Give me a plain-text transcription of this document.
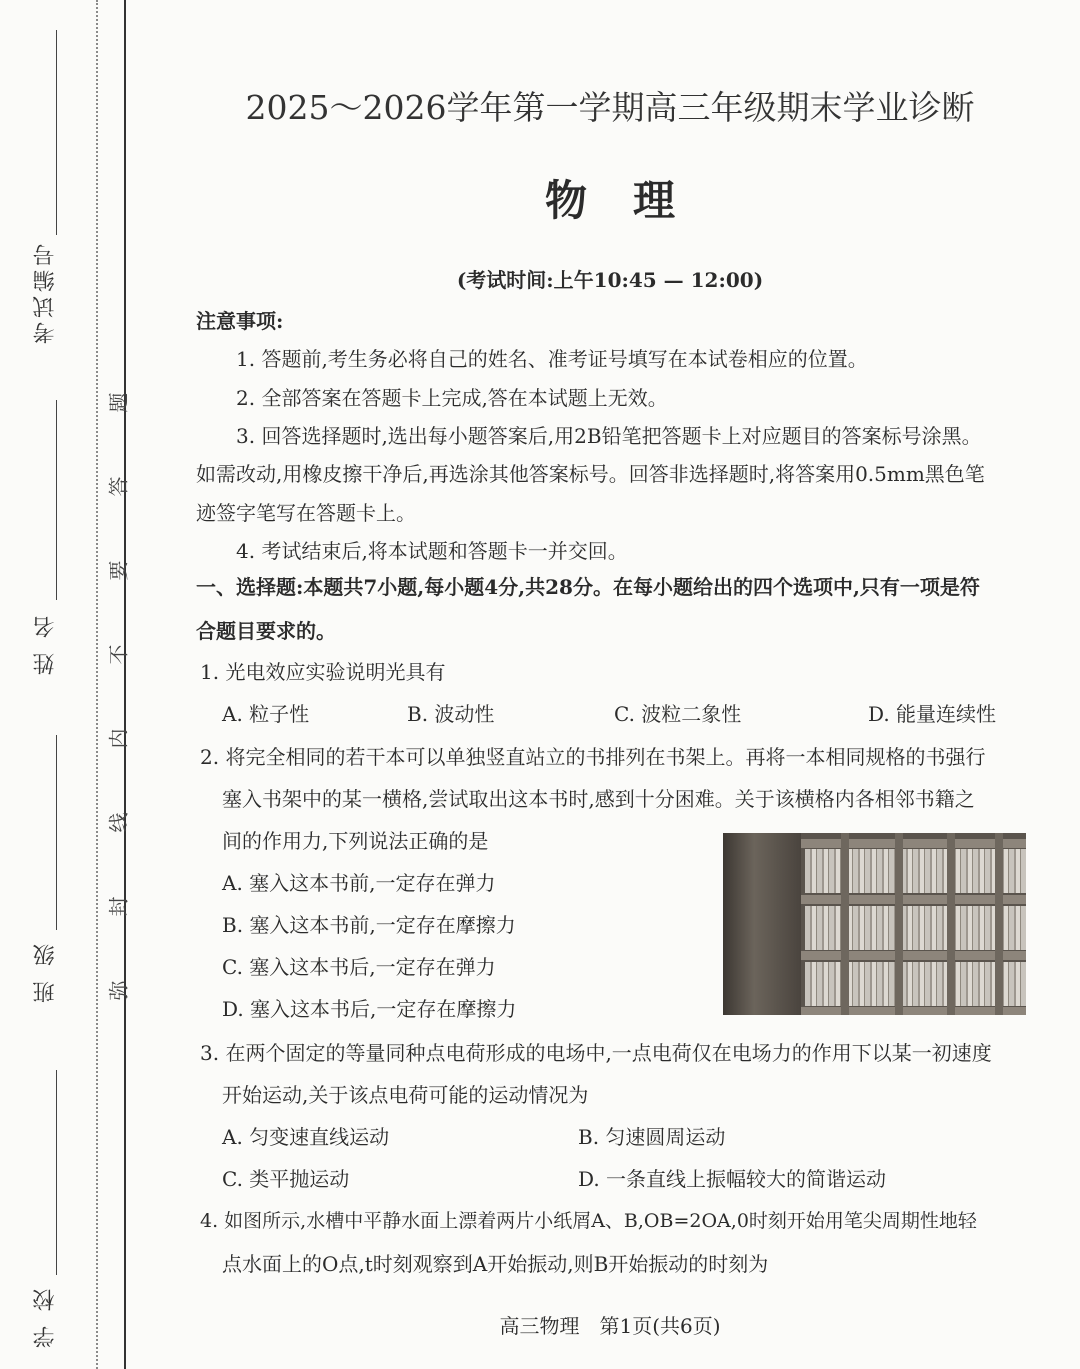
考试编号
姓 名
班 级
学 校
题
答
要
不
内
线
封
弥
2025～2026学年第一学期高三年级期末学业诊断
物理
(考试时间:上午10:45 — 12:00)
注意事项:
1. 答题前,考生务必将自己的姓名、准考证号填写在本试卷相应的位置。
2. 全部答案在答题卡上完成,答在本试题上无效。
3. 回答选择题时,选出每小题答案后,用2B铅笔把答题卡上对应题目的答案标号涂黑。
如需改动,用橡皮擦干净后,再选涂其他答案标号。回答非选择题时,将答案用0.5mm黑色笔
迹签字笔写在答题卡上。
4. 考试结束后,将本试题和答题卡一并交回。
一、选择题:本题共7小题,每小题4分,共28分。在每小题给出的四个选项中,只有一项是符
合题目要求的。
1. 光电效应实验说明光具有
A. 粒子性	B. 波动性	C. 波粒二象性	D. 能量连续性
2. 将完全相同的若干本可以单独竖直站立的书排列在书架上。再将一本相同规格的书强行
塞入书架中的某一横格,尝试取出这本书时,感到十分困难。关于该横格内各相邻书籍之
间的作用力,下列说法正确的是
A. 塞入这本书前,一定存在弹力
B. 塞入这本书前,一定存在摩擦力
C. 塞入这本书后,一定存在弹力
D. 塞入这本书后,一定存在摩擦力
3. 在两个固定的等量同种点电荷形成的电场中,一点电荷仅在电场力的作用下以某一初速度
开始运动,关于该点电荷可能的运动情况为
A. 匀变速直线运动	B. 匀速圆周运动
C. 类平抛运动	D. 一条直线上振幅较大的简谐运动
4. 如图所示,水槽中平静水面上漂着两片小纸屑A、B,OB=2OA,0时刻开始用笔尖周期性地轻
点水面上的O点,t时刻观察到A开始振动,则B开始振动的时刻为
高三物理　第1页(共6页)
